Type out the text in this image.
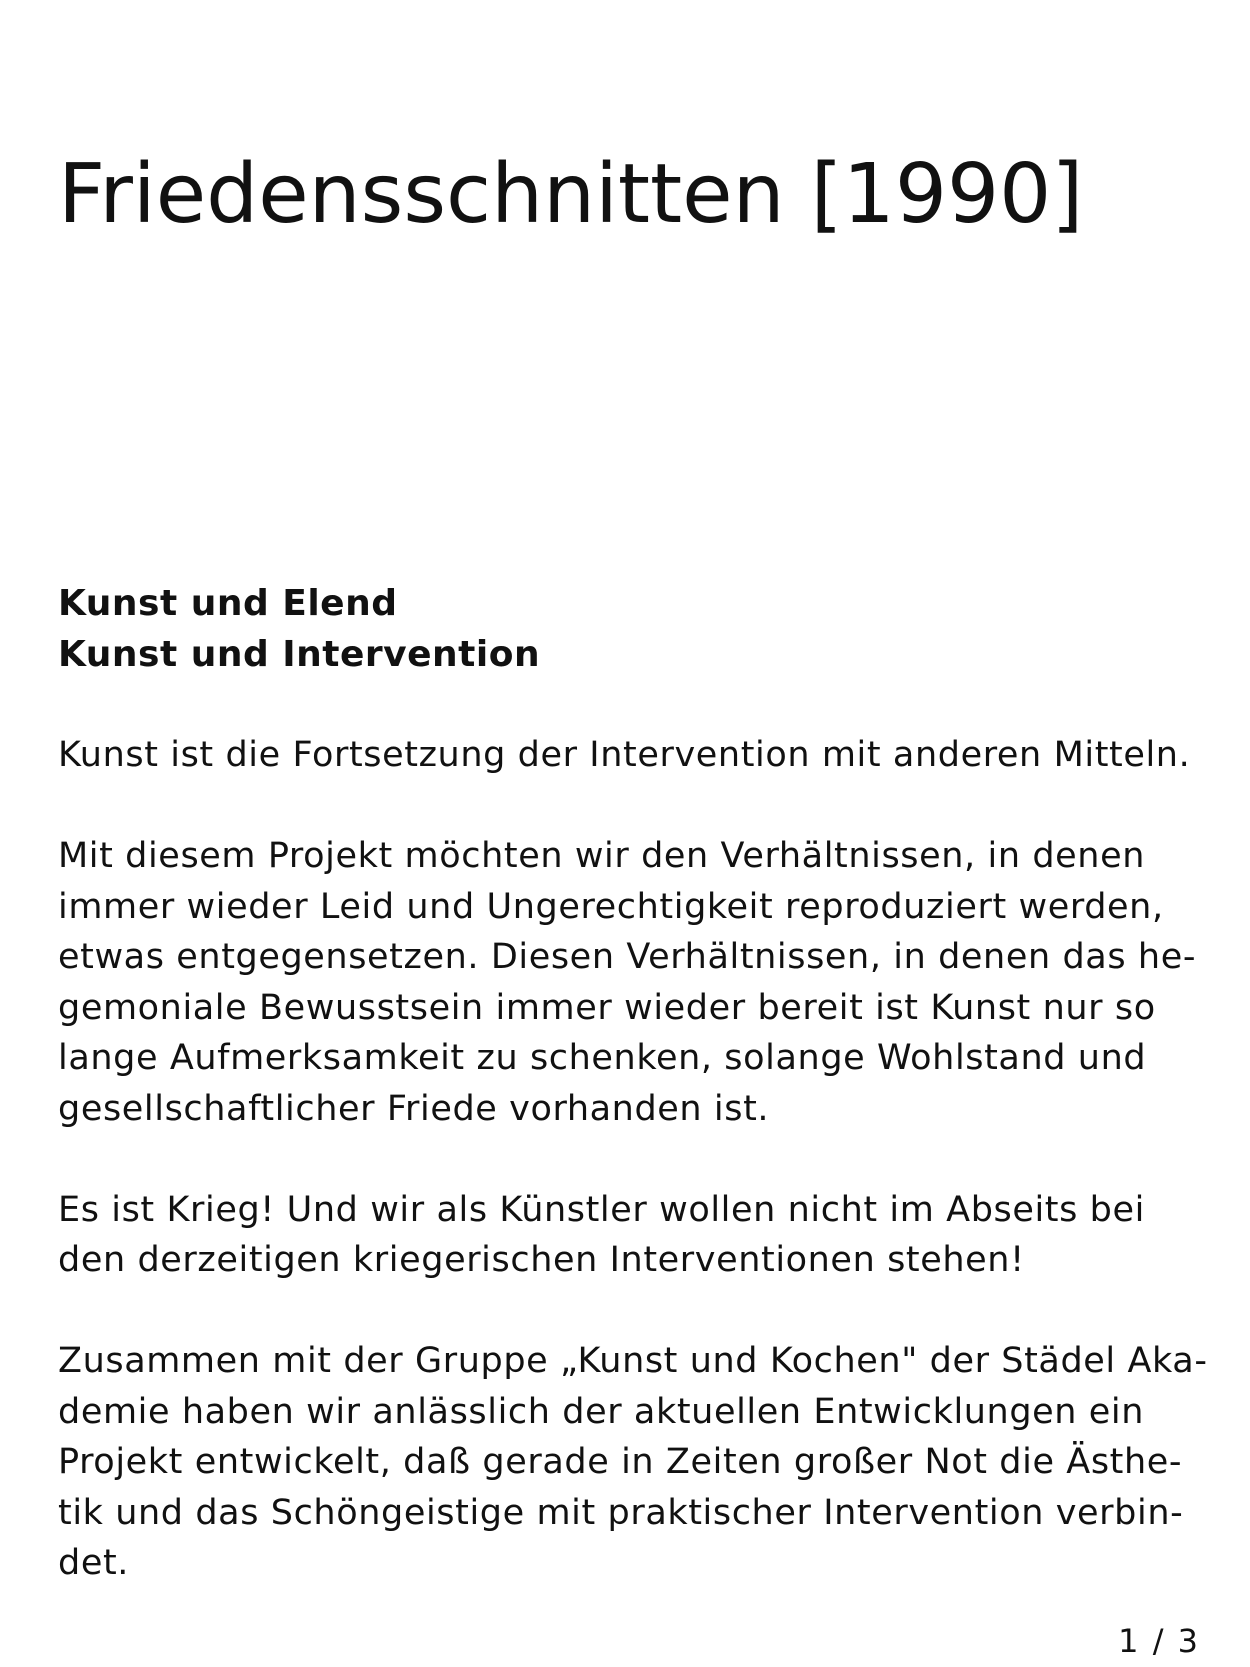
Friedensschnitten [1990]
Kunst und Elend
Kunst und Intervention

Kunst ist die Fortsetzung der Intervention mit anderen Mitteln.

Mit diesem Projekt möchten wir den Verhältnissen, in denen
immer wieder Leid und Ungerechtigkeit reproduziert werden,
etwas entgegensetzen. Diesen Verhältnissen, in denen das he-
gemoniale Bewusstsein immer wieder bereit ist Kunst nur so
lange Aufmerksamkeit zu schenken, solange Wohlstand und
gesellschaftlicher Friede vorhanden ist.

Es ist Krieg! Und wir als Künstler wollen nicht im Abseits bei
den derzeitigen kriegerischen Interventionen stehen!

Zusammen mit der Gruppe „Kunst und Kochen" der Städel Aka-
demie haben wir anlässlich der aktuellen Entwicklungen ein
Projekt entwickelt, daß gerade in Zeiten großer Not die Ästhe-
tik und das Schöngeistige mit praktischer Intervention verbin-
det.

1 / 3
